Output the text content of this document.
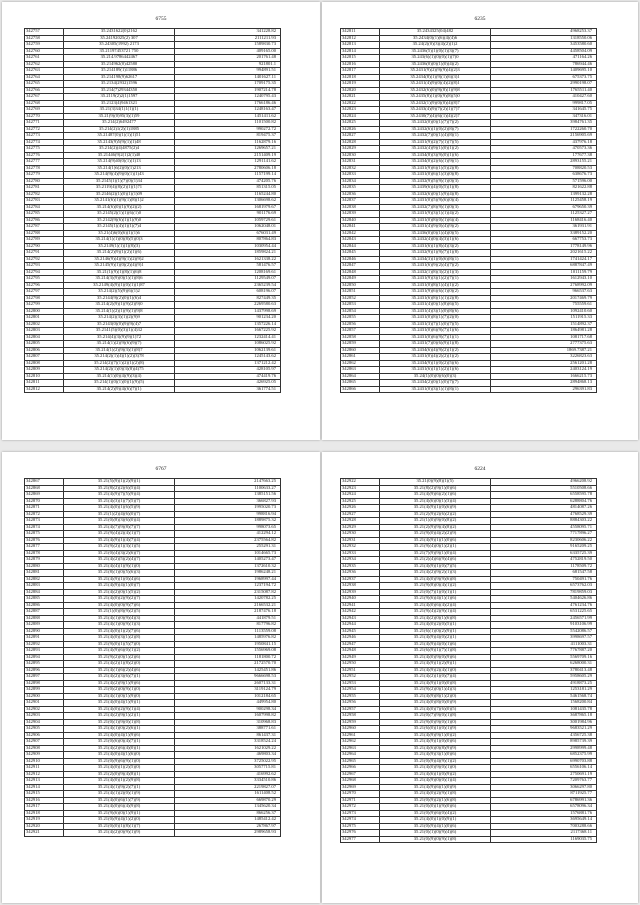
6755
342757	35.2431622(0)2162	341228.82
342758	35.24192025(2) 307	2111211.93
342759	35.24305(1992) 2173	1589830.73
342760	35.21197453721 750	409165.00
342761	35.214.9786442467	201761.48
342762	35.214962(0)42580	921801.1
342763	35.214189(1)11886	994891.51
342764	35.214198(9)62617	1401627.11
342765	35.2134(2932)1596	1709175.35
342766	35.214(7)29344350	1907214.78
342767	35.2119(2)2(1)1597	1240795.43
342768	35.2123(4)9461321	1766186.46
342769	35.21(3)34(1)1(1)(1)	1248163.47
342770	35.21(9)(0)95(3)(1)59	1451411.62
342771	35.214(2)6492477	1101500.82
342772	35.214(2)1(2)(1)1885	990272.72
342773	35.21487(0)(1)(1)(1)51	819475.37
342774	35.2143(9)5(9)(1)(1)48	1162879.16
342775	35.214(2)(4)4875(2)4	1269657.21
342776	35.21446(9)2(1)2(1)40	2151409.19
342777	35.214(9)40(0)(1)(1)13	1291141.62
342778	35.214(1)6(2)(0)(1)213	2780606.18
342779	35.214(9)(4)(9)(0)(1)(1)43	1157199.14
342780	35.2145(1)(1)(7)(0)(1)34	474205.76
342781	35.2119(4)(8)(2)(1)(1)71	851315.05
342782	35.2146(2)(1)(0)(1)(1)09	1165244.80
342783	35.2141(6)(1)(9)(1)(8)(1)2	1306698.62
342784	35.214(6)(0)(1)(9)(2)(2)	1681979.67
342785	35.2145(2)(1)(1)(6)(1)0	901176.69
342786	35.2142(9)(6)(1)(1)(9)0	1059729.61
342787	35.2145(1)(4)(1)(1)(7)4	1062048.01
342788	35.21(4)6(0)(6)(1)(1)6	676031.49
342789	35.214(1)(1)(0)(8)(5)(0)3	807864.83
342790	35.2149(1)(1)(1)(8)(3)	1030954.44
342791	35.214(2)(9)(1)(2)(1)(6)	1859824.21
342792	35.2146(9)(4)(9)(1)(2)(9)2	1621338.22
342793	35.2145(9)(1)(0)(2)(4)(9)1	581476.57
342794	35.21(1)(9)(1)(8)(1)(6)8	1208169.61
342795	35.214(3)(9)(0)(1)(1)(8)6	1129549.07
342796	35.2149(4)(9)(1)(0)(1)(1)87	2365239.54
342797	35.214(2)(5)(9)(6)(1)2	608196.07
342798	35.2144(9)(2)(0)(1)(6)4	827449.35
342799	35.214(2)(9)(1)(9)(2)(9)0	2269580.63
342800	35.214(1)(2)(1)(9)(1)(9)8	1437998.69
342801	35.214(2)(3)(1)(2)(9)9	901234.20
342802	35.2143(0)(0)(9)(9)(4)7	1357226.14
342803	35.2141(5)(0)(3)(1)(4)32	1667225.92
342804	35.214(4)(3)(9)(9)(1)72	1232414.41
342805	35.214(1)(2)(9)(6)(9)(7)	1086025.92
342806	35.214(1)(2)(9)(3)(1)(8)7	1062139.61
342807	35.214(2)(1)(4)(1)(2)(3)78	1245143.62
342808	35.214(2)(7)(1)(2)(1)(2)(8)	1371212.42
342809	35.214(2)(1)(0)(3)(8)(4)75	428105.97
342810	35.214(1)(0)(4)(9)(3)(4)	474419.76
342811	35.214(1)(0)(1)(0)(1)(9)(5)	426925.05
342812	35.214(2)(9)(4)(6)(7)(1)	361774.51
6235
342811	35.2434325(04)482	4968253.37
342812	35.2434(0)(1)(6)(4)(4)6	1318550.06
342813	35.24(2)(0)(3)(4)(2)(1)2	3453580.60
342814	35.2436(5)(1)(0)(1)(3)(7)	4458504.09
342815	35.243(6)(1)(0)(0)(1)(7)0	471164.26
342816	35.2436(0)(0)(1)(0)(4)(2)	786944.46
342817	35.2431(9)(2)(9)(9)(4)(2)3	1409695.10
342818	35.2434(8)(1)(9)(1)(6)(3)1	675373.75
342819	35.2431(4)(9)(0)(4)(2)(8)1	2990198.07
342820	35.2432(6)(0)(9)(8)(1)(9)8	1765511.40
342821	35.2435(8)(1)(0)(9)(8)(5)0	410427.60
342822	35.2432(1)(9)(0)(0)(4)(8)7	999817.05
342823	35.2433(4)(9)(7)(2)(1)(7)7	341645.75
342824	35.2430(7)(4)(6)(1)(4)(2)7	347316.01
342825	35.2432(0)(0)(1)(7)(7)(2)	3984761.35
342826	35.2432(6)(1)(0)(2)(8)(7)	1722260.70
342827	35.2432(7)(0)(1)(4)(8)(1)	2156905.69
342828	35.2431(9)(2)(7)(1)(7)(5)	437976.18
342829	35.2432(4)(9)(1)(0)(1)(2)	470573.36
342830	35.2434(8)(3)(9)(0)(1)(6)	177677.38
342831	35.2434(0)(2)(6)(1)(9)(1)	2893155.21
342832	35.2431(9)(6)(1)(5)(2)(8)	708820.53
342833	35.2431(0)(6)(1)(3)(0)(8)	638676.73
342834	35.2432(9)(5)(9)(1)(0)(3)	571596.00
342835	35.2439(6)(4)(0)(5)(1)(8)	821622.88
342836	35.2432(6)(0)(1)(9)(4)(8)	1399132.28
342837	35.2431(0)(5)(9)(6)(0)(4)	1125458.19
342838	35.2432(7)(8)(9)(1)(0)(3)	679650.39
342839	35.2431(9)(3)(1)(1)(4)(2)	1125327.27
342840	35.2431(0)(8)(0)(1)(6)(4)	1168416.40
342841	35.2431(4)(9)(0)(4)(9)(2)	361931.91
342842	35.2436(0)(0)(1)(4)(0)(5)	3389152.20
342843	35.2432(4)(0)(4)(3)(1)(6)	667753.73
342844	35.2431(6)(1)(8)(4)(3)(2)	1778149.96
342845	35.2432(9)(1)(9)(7)(1)(8)	2021615.22
342846	35.2434(3)(1)(0)(6)(8)(1)	1741424.17
342847	35.2431(6)(9)(2)(4)(7)(2)	6887847.49
342848	35.2432(1)(8)(3)(2)(1)(3)	1011159.79
342849	35.2431(9)(3)(1)(2)(7)(1)	1612943.10
342850	35.2431(0)(8)(1)(4)(1)(2)	2768992.09
342851	35.2431(9)(6)(6)(1)(0)(2)	966537.63
342852	35.2431(6)(8)(1)(1)(2)(8)	2017469.79
342853	35.2431(4)(0)(1)(8)(6)(5)	755559.61
342854	35.2431(4)(3)(1)(0)(8)(6)	1092410.60
342855	35.2431(0)(8)(1)(7)(2)(0)	1511915.33
342856	35.2431(3)(7)(1)(0)(7)(5)	1514892.37
342857	35.2431(0)(6)(9)(7)(1)(6)	1864981.28
342858	35.2431(0)(6)(9)(7)(1)(1)	1081717.68
342859	35.2431(7)(0)(6)(9)(1)(8)	2777375.63
342860	35.2434(6)(4)(9)(2)(1)(2)	1869.7387.21
342861	35.2431(0)(4)(2)(2)(1)(2)	3226823.63
342862	35.2434(9)(1)(0)(2)(5)(6)	2561201.28
342863	35.2431(6)(1)(1)(2)(1)(6)	2403124.19
342864	35.24(1)(0)(0)(6)(0)(3)	1666215.73
342865	35.2434(2)(0)(1)(0)(7)(7)	2894868.13
342866	35.2431(0)(3)(1)(1)(8)(1)	296391.83
6767
342867	35.21(5)(9)(1)(2)(9)(1)	2147663.25
342868	35.21(8)(2)(2)(6)(5)(4)	1100633.27
342869	35.21(4)(9)(7)(5)(9)(4)	1385151.56
342870	35.21(4)(3)(1)(7)(5)(7)	366827.93
342871	35.21(4)(0)(1)(6)(5)(9)	1995020.73
342872	35.21(1)(2)(4)(6)(0)(7)	998816.94
342873	35.21(0)(8)(3)(6)(0)(4)	1889875.32
342874	35.21(4)(7)(9)(8)(7)(7)	998073.65
342875	35.21(9)(4)(2)(4)(1)(7)	412294.12
342876	35.21(4)(9)(1)(4)(7)(4)	2375564.82
342877	35.21(9)(2)(1)(3)(1)(5)	255291.31
342878	35.21(0)(4)(3)(2)(6)(7)	1014665.73
342879	35.21(4)(2)(5)(2)(4)(7)	1405273.47
342880	35.21(4)(4)(1)(9)(1)(0)	1372610.32
342881	35.21(8)(1)(0)(5)(6)(3)	1986248.21
342882	35.21(4)(9)(1)(0)(4)(6)	1968997.44
342883	35.21(4)(9)(4)(1)(0)(7)	1237194.72
342884	35.21(4)(2)(0)(1)(5)(2)	2315087.82
342885	35.21(4)(0)(2)(9)(2)(7)	1420782.25
342886	35.21(4)(0)(0)(9)(7)(6)	2166532.21
342887	35.21(1)(0)(8)(9)(2)(5)	2187476.18
342888	35.21(4)(1)(0)(9)(4)(3)	441879.51
342889	35.21(4)(1)(0)(9)(1)(3)	817796.82
342890	35.21(4)(0)(1)(2)(7)(6)	1113559.08
342891	35.21(4)(0)(3)(1)(2)(8)	1485976.82
342892	35.21(9)(0)(1)(5)(7)(0)	1950841.15
342893	35.21(4)(9)(6)(0)(1)(2)	1556969.08
342894	35.21(9)(2)(0)(1)(2)(6)	1181800.72
342895	35.21(4)(2)(1)(8)(2)(0)	2172570.70
342896	35.21(4)(1)(6)(2)(4)(6)	1425451.86
342897	35.21(4)(2)(3)(6)(7)(1)	9666698.53
342898	35.21(4)(2)(9)(1)(9)(6)	2607133.31
342899	35.21(0)(2)(0)(9)(1)(0)	3119124.79
342900	35.21(4)(1)(0)(1)(9)(0)	1012184.65
342901	35.21(4)(0)(4)(1)(9)(1)	449954.80
342902	35.21(4)(0)(2)(9)(1)(4)	900298.34
342903	35.21(4)(2)(9)(1)(2)(1)	1607998.82
342904	35.21(0)(1)(9)(0)(1)(8)	310968.83
342905	35.21(4)(1)(0)(2)(6)(1)	388771.61
342906	35.21(4)(0)(4)(1)(9)(6)	861437.31
342907	35.21(0)(6)(0)(4)(7)(1)	3318524.24
342908	35.21(4)(2)(6)(4)(0)(1)	1621029.22
342909	35.21(4)(0)(4)(1)(6)(0)	469803.34
342910	35.21(0)(9)(6)(9)(1)(0)	3725022.95
342911	35.21(4)(0)(1)(2)(5)(0)	3057715.81
342912	35.21(2)(0)(9)(4)(8)(1)	416992.62
342913	35.21(4)(0)(1)(2)(9)(8)	3334510.86
342914	35.21(4)(1)(9)(2)(7)(1)	2219827.07
342915	35.21(4)(1)(2)(0)(1)(9)	1611408.52
342916	35.21(4)(0)(6)(1)(7)(9)	669870.29
342917	35.21(4)(0)(6)(4)(9)(8)	1345620.34
342918	35.21(9)(6)(0)(1)(9)(1)	866256.37
342919	35.21(0)(9)(4)(1)(2)(0)	1485412.42
342920	35.21(0)(0)(1)(8)(1)(7)	267867.97
342921	35.21(4)(2)(0)(9)(1)(9)	2989658.93
6224
342922	35.21(0)(9)(8)(1)(5)	4966208.92
342923	35.21(8)(2)(9)(1)(0)(6)	5510508.66
342924	35.21(4)(9)(6)(2)(1)(6)	6558595.78
342925	35.21(4)(6)(0)(1)(3)(4)	6288804.76
342926	35.21(4)(9)(1)(0)(6)(9)	4814087.26
342927	35.21(2)(9)(2)(6)(2)(2)	4768529.39
342928	35.21(1)(0)(9)(0)(8)(2)	8884303.22
342929	35.21(2)(9)(9)(4)(8)(2)	4558095.71
342930	35.21(9)(0)(4)(2)(2)(9)	7717896.27
342931	35.21(4)(9)(1)(1)(0)(6)	8230606.22
342932	35.21(9)(4)(0)(1)(2)(1)	9165209.25
342933	35.21(7)(9)(9)(1)(0)(4)	6335725.39
342934	35.21(2)(4)(6)(9)(4)(6)	4752819.50
342935	35.21(4)(9)(1)(0)(7)(5)	1178509.72
342936	35.21(4)(2)(9)(2)(1)(3)	681547.58
342937	35.21(4)(0)(9)(9)(6)(8)	750491.76
342938	35.21(9)(8)(0)(4)(1)(2)	6573762.03
342939	35.21(0)(7)(1)(0)(1)(1)	7819859.03
342940	35.21(9)(6)(4)(1)(1)(6)	5404626.86
342941	35.21(4)(0)(6)(4)(2)(4)	4761234.76
342942	35.21(9)(4)(2)(9)(1)(4)	6531225.65
342943	35.21(4)(2)(0)(1)(6)(8)	2456571.99
342944	35.21(4)(0)(2)(0)(5)(1)	9103106.99
342945	35.21(6)(1)(0)(2)(9)(1)	5542086.57
342946	35.21(4)(9)(4)(0)(2)(1)	3998697.57
342947	35.21(4)(9)(4)(0)(1)(6)	4111003.31
342948	35.21(6)(9)(1)(7)(1)(8)	7767887.20
342949	35.21(4)(0)(9)(0)(9)(6)	5569709.16
342950	35.21(4)(9)(1)(2)(9)(1)	6268000.31
342951	35.21(4)(9)(2)(4)(1)(0)	3780413.48
342952	35.21(4)(2)(1)(0)(7)(4)	5958605.29
342953	35.21(4)(9)(1)(0)(0)(8)	4918873.25
342954	35.21(9)(2)(0)(1)(4)(3)	1253181.29
342955	35.21(4)(9)(8)(1)(2)(0)	5461568.74
342956	35.21(4)(0)(8)(0)(0)(9)	1568200.84
342957	35.21(4)(0)(7)(6)(0)(5)	1081435.78
342958	35.21(0)(7)(9)(0)(1)(8)	3687865.18
342959	35.21(9)(0)(9)(0)(1)(0)	3001984.96
342960	35.21(6)(0)(1)(0)(1)(9)	9683521.29
342961	35.21(4)(9)(9)(1)(0)(2)	4356725.38
342962	35.21(4)(9)(1)(0)(0)(6)	8985739.39
342963	35.21(4)(6)(0)(8)(9)(9)	2998999.48
342964	35.21(4)(9)(3)(1)(0)(6)	6852375.99
342965	35.21(0)(9)(4)(9)(1)(2)	6990703.88
342966	35.21(4)(0)(9)(0)(1)(0)	6556106.14
342967	35.21(4)(6)(1)(0)(9)(2)	2750691.19
342968	35.21(4)(9)(0)(0)(1)(4)	7209763.77
342969	35.21(4)(9)(6)(1)(0)(9)	3066297.80
342970	35.21(4)(0)(2)(9)(1)(8)	8711925.77
342971	35.21(0)(9)(2)(1)(6)(8)	6786991.36
342972	35.21(0)(0)(1)(9)(0)(6)	6578096.34
342973	35.21(0)(9)(6)(0)(4)(2)	1576881.76
342974	35.21(4)(0)(1)(0)(9)(1)	3695649.14
342975	35.21(0)(9)(4)(1)(0)(6)	7003288.66
342976	35.21(0)(1)(0)(9)(4)(6)	2117368.11
342977	35.21(0)(9)(0)(9)(1)(8)	1169035.75
